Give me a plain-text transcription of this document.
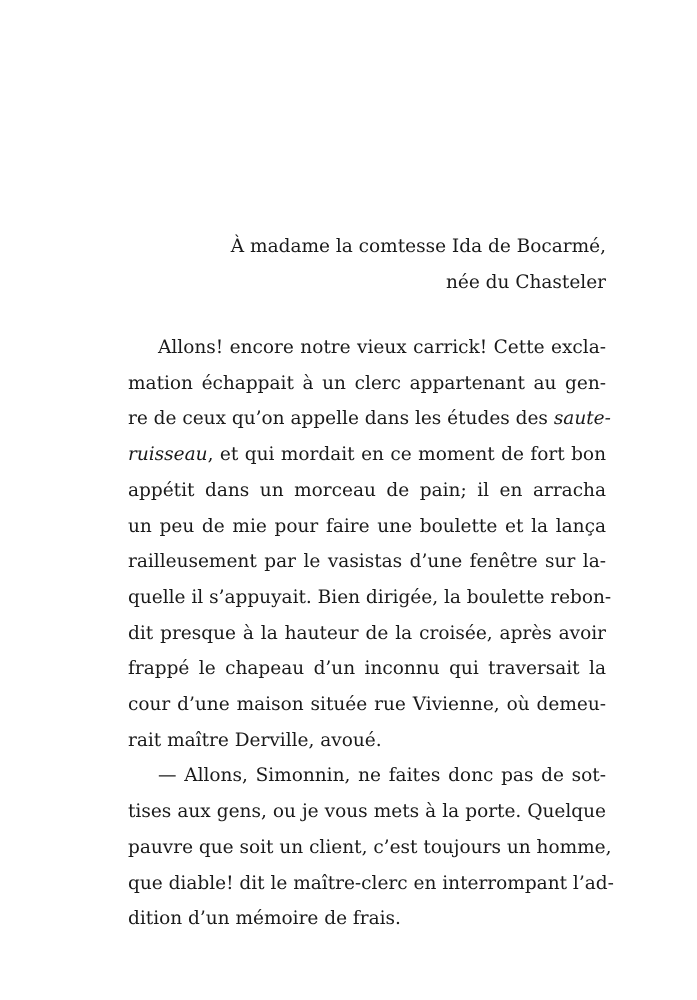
À madame la comtesse Ida de Bocarmé,
née du Chasteler
Allons! encore notre vieux carrick! Cette excla-
mation échappait à un clerc appartenant au gen-
re de ceux qu’on appelle dans les études des saute-
ruisseau, et qui mordait en ce moment de fort bon
appétit dans un morceau de pain; il en arracha
un peu de mie pour faire une boulette et la lança
railleusement par le vasistas d’une fenêtre sur la-
quelle il s’appuyait. Bien dirigée, la boulette rebon-
dit presque à la hauteur de la croisée, après avoir
frappé le chapeau d’un inconnu qui traversait la
cour d’une maison située rue Vivienne, où demeu-
rait maître Derville, avoué.
— Allons, Simonnin, ne faites donc pas de sot-
tises aux gens, ou je vous mets à la porte. Quelque
pauvre que soit un client, c’est toujours un homme,
que diable! dit le maître-clerc en interrompant l’ad-
dition d’un mémoire de frais.
